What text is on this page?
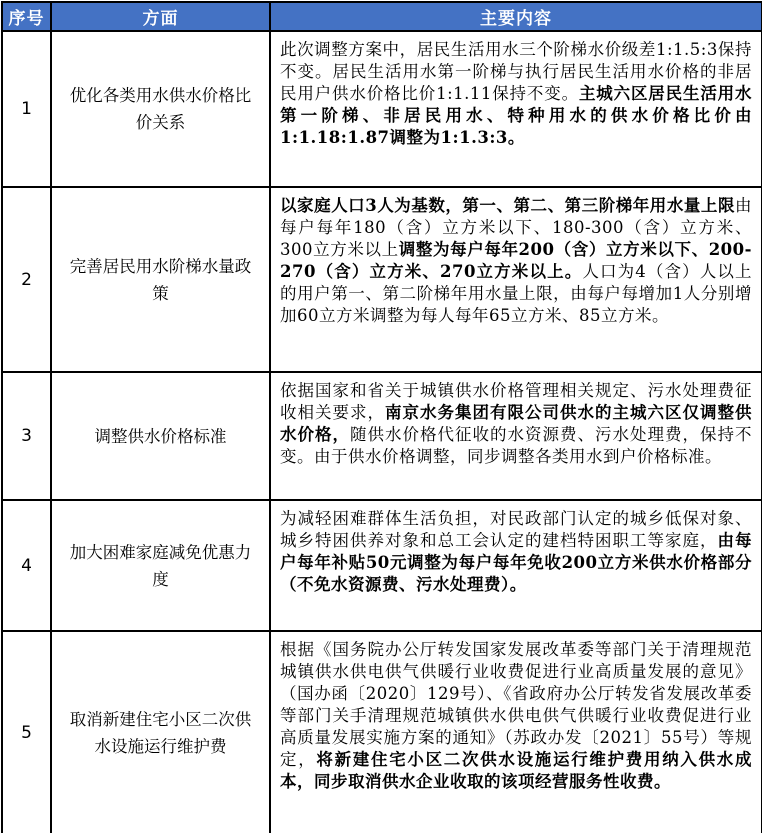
序号	方面	主要内容
1	优化各类用水供水价格比价关系	此次调整方案中，居民生活用水三个阶梯水价级差1:1.5:3保持不变。居民生活用水第一阶梯与执行居民生活用水价格的非居民用户供水价格比价1:1.11保持不变。主城六区居民生活用水第一阶梯、非居民用水、特种用水的供水价格比价由1:1.18:1.87调整为1:1.3:3。
2	完善居民用水阶梯水量政策	以家庭人口3人为基数，第一、第二、第三阶梯年用水量上限由每户每年180（含）立方米以下、180-300（含）立方米、300立方米以上调整为每户每年200（含）立方米以下、200-270（含）立方米、270立方米以上。人口为4（含）人以上的用户第一、第二阶梯年用水量上限，由每户每增加1人分别增加60立方米调整为每人每年65立方米、85立方米。
3	调整供水价格标准	依据国家和省关于城镇供水价格管理相关规定、污水处理费征收相关要求，南京水务集团有限公司供水的主城六区仅调整供水价格，随供水价格代征收的水资源费、污水处理费，保持不变。由于供水价格调整，同步调整各类用水到户价格标准。
4	加大困难家庭减免优惠力度	为减轻困难群体生活负担，对民政部门认定的城乡低保对象、城乡特困供养对象和总工会认定的建档特困职工等家庭，由每户每年补贴50元调整为每户每年免收200立方米供水价格部分（不免水资源费、污水处理费）。
5	取消新建住宅小区二次供水设施运行维护费	根据《国务院办公厅转发国家发展改革委等部门关于清理规范城镇供水供电供气供暖行业收费促进行业高质量发展的意见》（国办函〔2020〕129号）、《省政府办公厅转发省发展改革委等部门关手清理规范城镇供水供电供气供暖行业收费促进行业高质量发展实施方案的通知》（苏政办发〔2021〕55号）等规定，将新建住宅小区二次供水设施运行维护费用纳入供水成本，同步取消供水企业收取的该项经营服务性收费。
